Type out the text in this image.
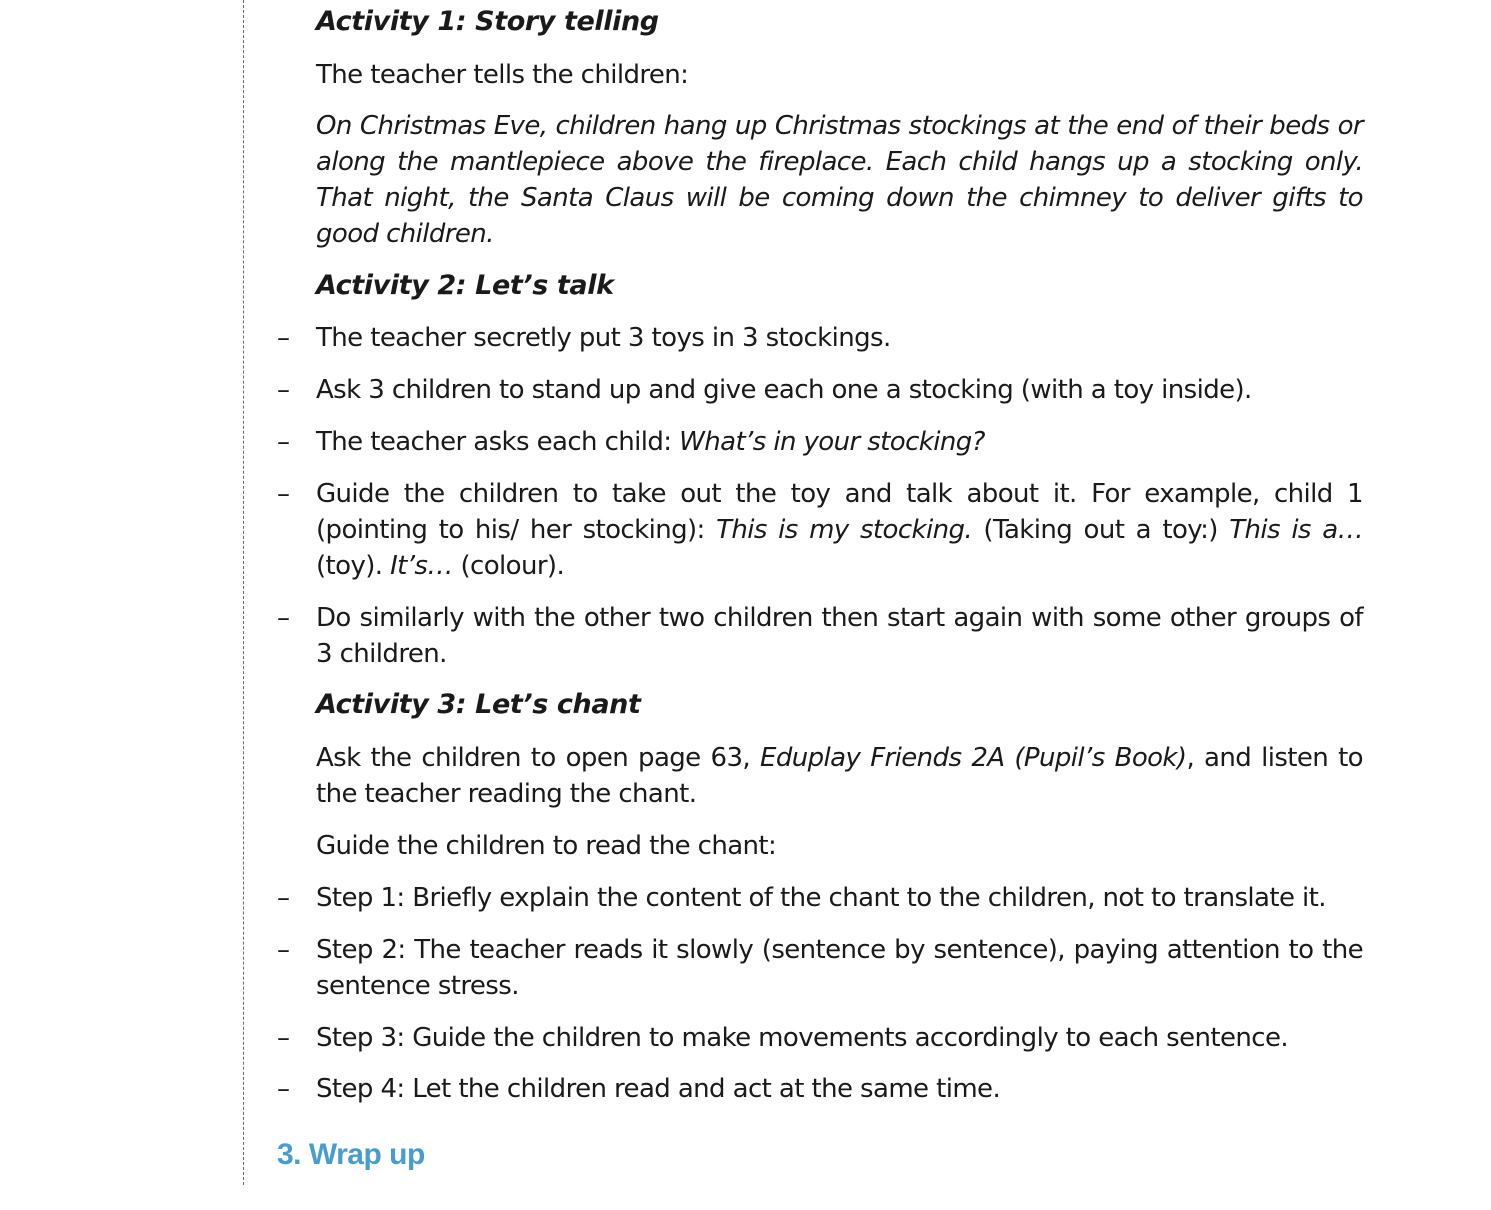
Activity 1: Story telling
The teacher tells the children:
On Christmas Eve, children hang up Christmas stockings at the end of their beds or along the mantlepiece above the fireplace. Each child hangs up a stocking only. That night, the Santa Claus will be coming down the chimney to deliver gifts to good children.
Activity 2: Let’s talk
–	The teacher secretly put 3 toys in 3 stockings.
–	Ask 3 children to stand up and give each one a stocking (with a toy inside).
–	The teacher asks each child: What’s in your stocking?
–	Guide the children to take out the toy and talk about it. For example, child 1 (pointing to his/ her stocking): This is my stocking. (Taking out a toy:) This is a… (toy). It’s… (colour).
–	Do similarly with the other two children then start again with some other groups of 3 children.
Activity 3: Let’s chant
Ask the children to open page 63, Eduplay Friends 2A (Pupil’s Book), and listen to the teacher reading the chant.
Guide the children to read the chant:
–	Step 1: Briefly explain the content of the chant to the children, not to translate it.
–	Step 2: The teacher reads it slowly (sentence by sentence), paying attention to the sentence stress.
–	Step 3: Guide the children to make movements accordingly to each sentence.
–	Step 4: Let the children read and act at the same time.
3. Wrap up
